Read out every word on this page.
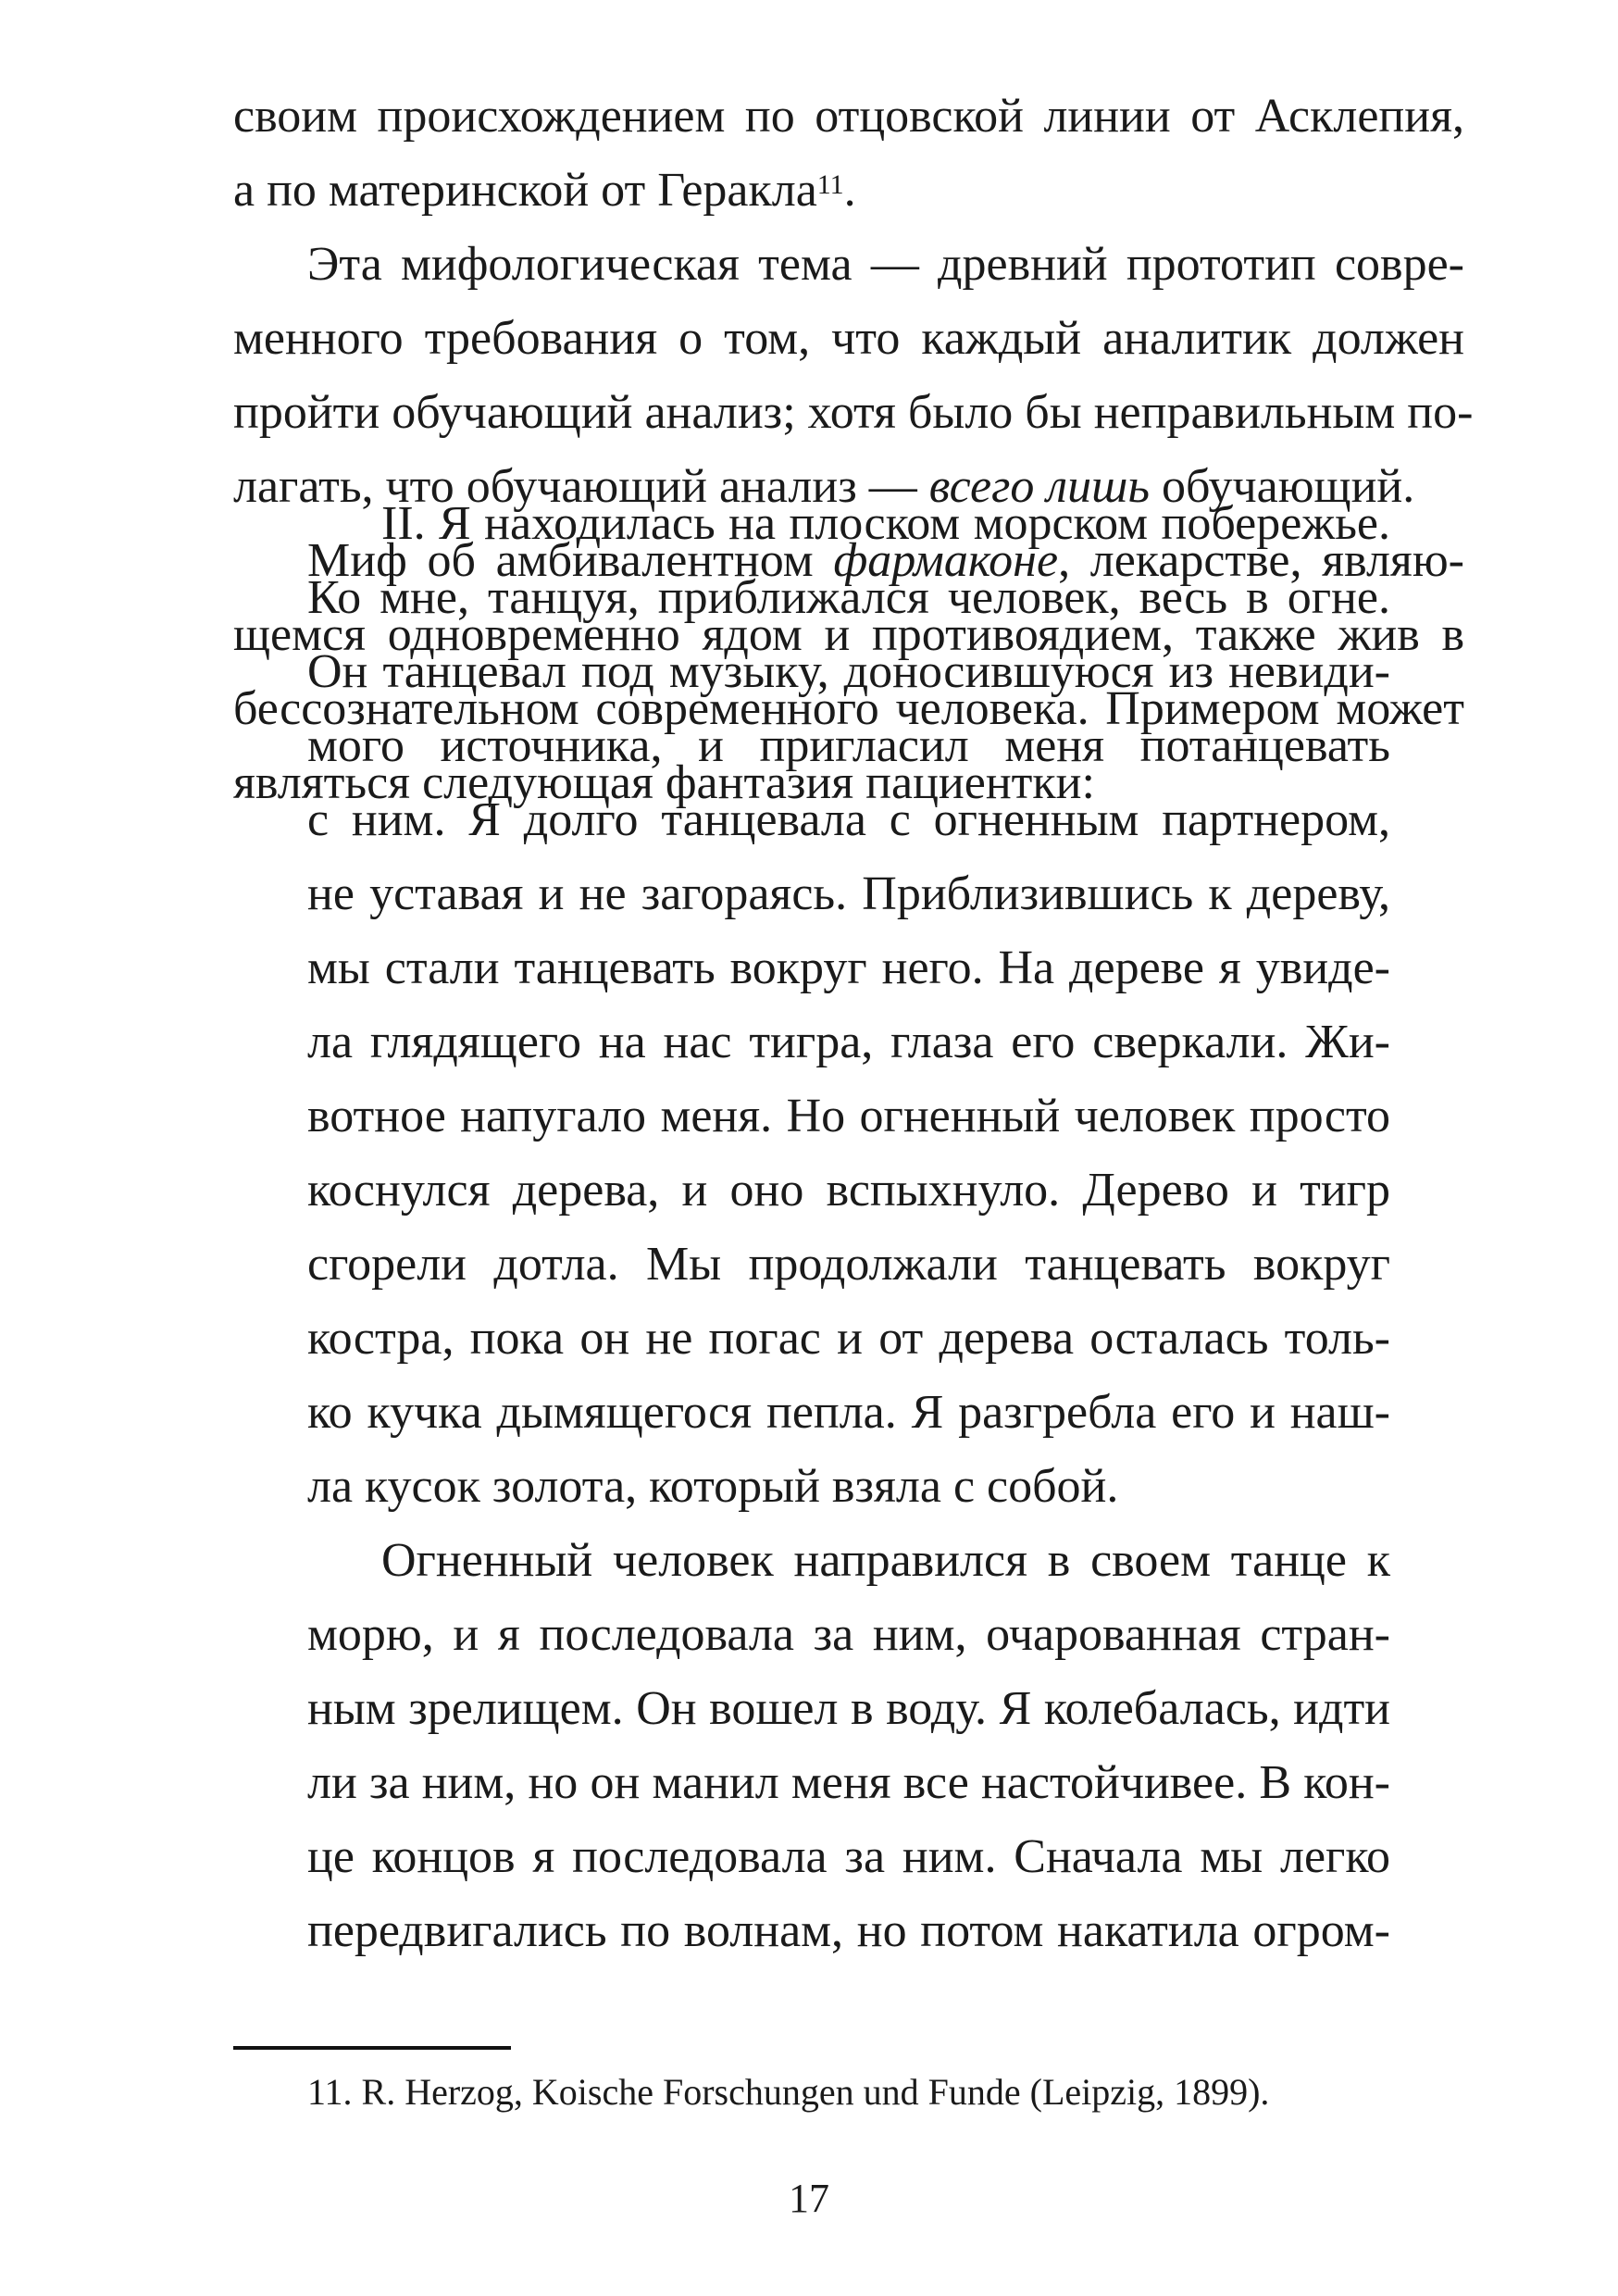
своим происхождением по отцовской линии от Асклепия,
а по материнской от Геракла$^{11}$.
Эта мифологическая тема — древний прототип совре-
менного требования о том, что каждый аналитик должен
пройти обучающий анализ; хотя было бы неправильным по-
лагать, что обучающий анализ — всего лишь обучающий.
Миф об амбивалентном фармаконе, лекарстве, являю-
щемся одновременно ядом и противоядием, также жив в
бессознательном современного человека. Примером может
являться следующая фантазия пациентки:
II. Я находилась на плоском морском побережье.
Ко мне, танцуя, приближался человек, весь в огне.
Он танцевал под музыку, доносившуюся из невиди-
мого источника, и пригласил меня потанцевать
с ним. Я долго танцевала с огненным партнером,
не уставая и не загораясь. Приблизившись к дереву,
мы стали танцевать вокруг него. На дереве я увиде-
ла глядящего на нас тигра, глаза его сверкали. Жи-
вотное напугало меня. Но огненный человек просто
коснулся дерева, и оно вспыхнуло. Дерево и тигр
сгорели дотла. Мы продолжали танцевать вокруг
костра, пока он не погас и от дерева осталась толь-
ко кучка дымящегося пепла. Я разгребла его и наш-
ла кусок золота, который взяла с собой.
Огненный человек направился в своем танце к
морю, и я последовала за ним, очарованная стран-
ным зрелищем. Он вошел в воду. Я колебалась, идти
ли за ним, но он манил меня все настойчивее. В кон-
це концов я последовала за ним. Сначала мы легко
передвигались по волнам, но потом накатила огром-
11. R. Herzog, Koische Forschungen und Funde (Leipzig, 1899).
17
